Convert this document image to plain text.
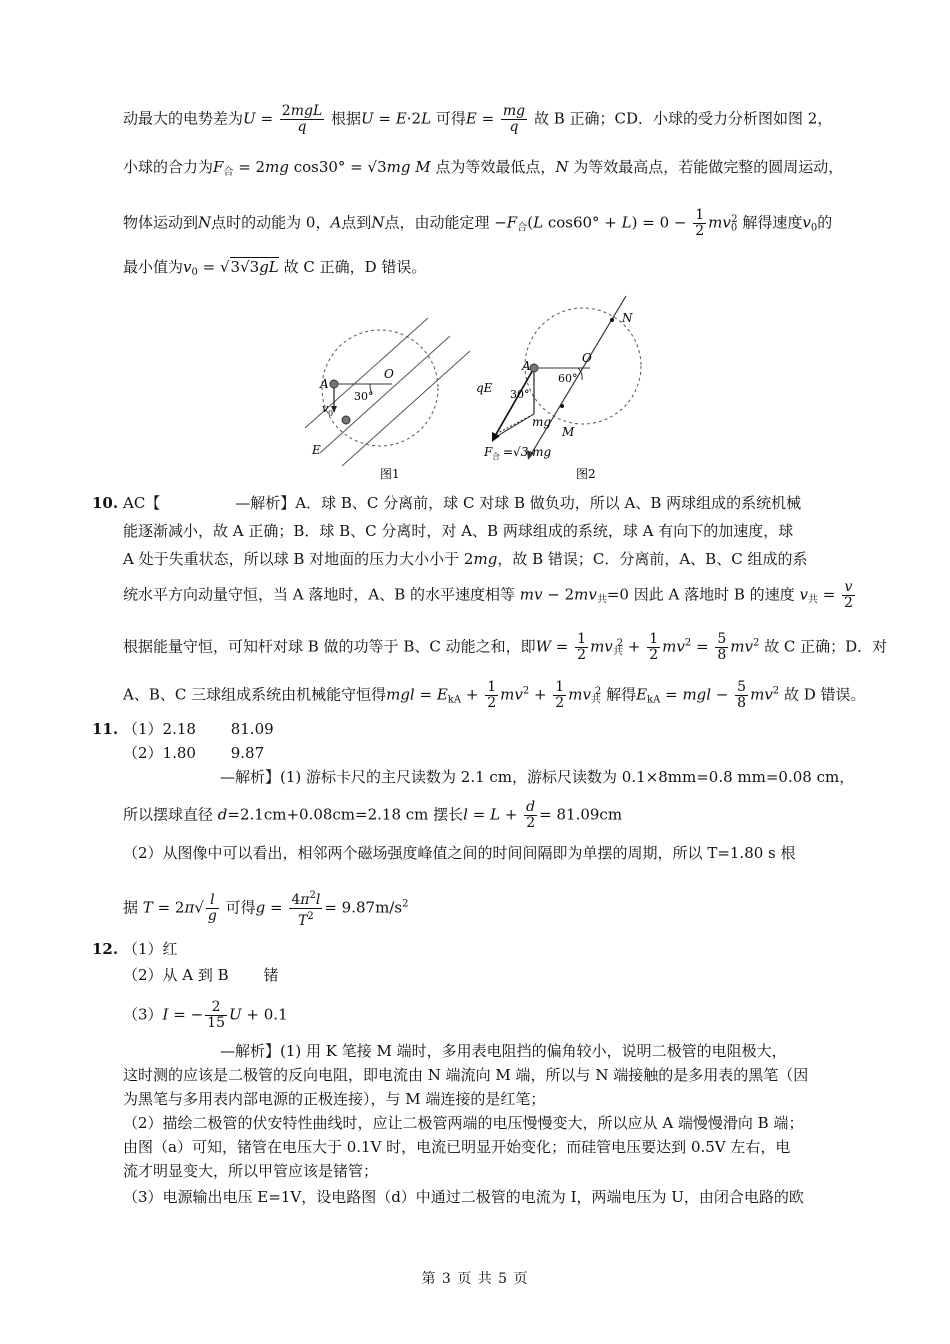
动最大的电势差为$U = \frac{\text{2mgL}}{q}$ 根据U = E·2L 可得$E = \frac{mg}{q}$ 故 B 正确；CD．小球的受力分析图如图 2，
小球的合力为$F_合 = 2mg$ cos30° = √3mg M 点为等效最低点，N 为等效最高点，若能做完整的圆周运动，
物体运动到N点时的动能为 0，A点到N点，由动能定理 $-F_合(L$ $\cos 60^\circ + L) = 0 - \frac{1}{2} mv_0^2$ 解得速度$v_0$的
最小值为$v_0 = √3√3gL$ 故 C 正确，D 错误。
A
O
30°
v 0
E
图1
A
O
N
M
qE 30°
60°
mg
F 合 =√3 mg
图2
10. AC【　　　　　—解析】A．球 B、C 分离前，球 C 对球 B 做负功，所以 A、B 两球组成的系统机械
能逐渐减小，故 A 正确；B．球 B、C 分离时，对 A、B 两球组成的系统，球 A 有向下的加速度，球
A 处于失重状态，所以球 B 对地面的压力大小小于 2mg，故 B 错误；C．分离前，A、B、C 组成的系
统水平方向动量守恒，当 A 落地时，A、B 的水平速度相等 mv − $2mv_共=0$ 因此 A 落地时 B 的速度 $v_共 = \frac{v}{2}$
根据能量守恒，可知杆对球 B 做的功等于 B、C 动能之和，即$W = \frac{1}{2} mv_共^2 + \frac{1}{2} mv^2 = \frac{5}{8} mv^2$ 故 C 正确；D．对
A、B、C 三球组成系统由机械能守恒得mgl = $E_{kA} + \frac{1}{2} mv^2 + \frac{1}{2} mv_共^2$ 解得$E_{kA}$ = mgl − $\frac{5}{8} mv^2$ 故 D 错误。
11. （1）2.18　　 81.09
（2）1.80　　 9.87
—解析】(1) 游标卡尺的主尺读数为 2.1 cm，游标尺读数为 0.1×8mm=0.8 mm=0.08 cm，
所以摆球直径 d=2.1cm+0.08cm=2.18 cm 摆长$l = L + \frac{d}{2} = 81.09cm$
（2）从图像中可以看出，相邻两个磁场强度峰值之间的时间间隔即为单摆的周期，所以 T=1.80 s 根
据 $T = 2\pi√ \frac{l}{g}$ 可得$g = \frac{4\pi^2l}{T^2} = 9.87m/s^2$
12. （1）红
（2）从 A 到 B　　 锗
（3）I = − $\frac{2}{15}$ U + 0.1
—解析】(1) 用 K 笔接 M 端时，多用表电阻挡的偏角较小，说明二极管的电阻极大，
这时测的应该是二极管的反向电阻，即电流由 N 端流向 M 端，所以与 N 端接触的是多用表的黑笔（因
为黑笔与多用表内部电源的正极连接），与 M 端连接的是红笔；
（2）描绘二极管的伏安特性曲线时，应让二极管两端的电压慢慢变大，所以应从 A 端慢慢滑向 B 端；
由图（a）可知，锗管在电压大于 0.1V 时，电流已明显开始变化；而硅管电压要达到 0.5V 左右，电
流才明显变大，所以甲管应该是锗管；
（3）电源输出电压 E=1V，设电路图（d）中通过二极管的电流为 I，两端电压为 U，由闭合电路的欧
第 3 页 共 5 页
